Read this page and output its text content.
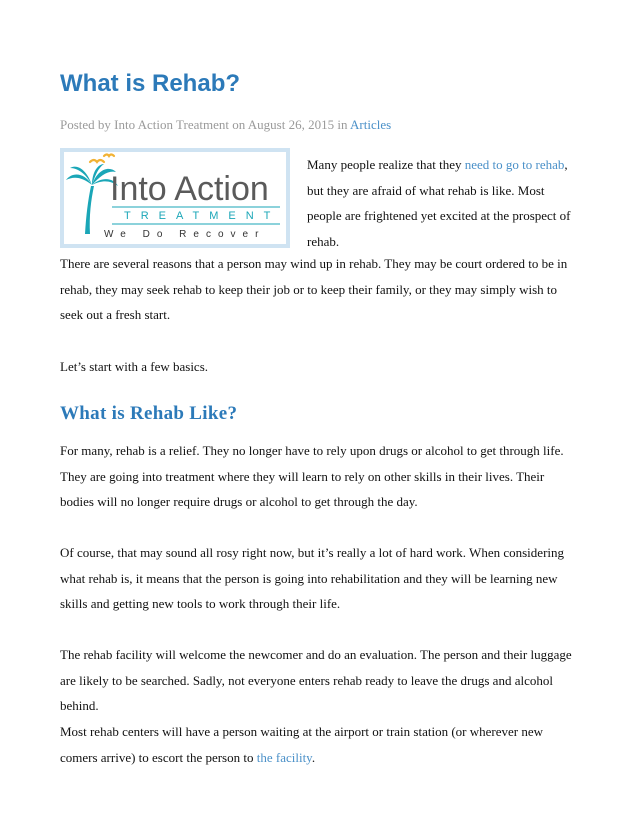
What is Rehab?
Posted by Into Action Treatment on August 26, 2015 in Articles
Into Action
TREATMENT
We Do Recover

Many people realize that they need to go to rehab, but they are afraid of what rehab is like. Most people are frightened yet excited at the prospect of rehab.

There are several reasons that a person may wind up in rehab. They may be court ordered to be in rehab, they may seek rehab to keep their job or to keep their family, or they may simply wish to seek out a fresh start.

Let’s start with a few basics.

What is Rehab Like?

For many, rehab is a relief. They no longer have to rely upon drugs or alcohol to get through life. They are going into treatment where they will learn to rely on other skills in their lives. Their bodies will no longer require drugs or alcohol to get through the day.

Of course, that may sound all rosy right now, but it’s really a lot of hard work. When considering what rehab is, it means that the person is going into rehabilitation and they will be learning new skills and getting new tools to work through their life.

The rehab facility will welcome the newcomer and do an evaluation. The person and their luggage are likely to be searched. Sadly, not everyone enters rehab ready to leave the drugs and alcohol behind.

Most rehab centers will have a person waiting at the airport or train station (or wherever new comers arrive) to escort the person to the facility.
